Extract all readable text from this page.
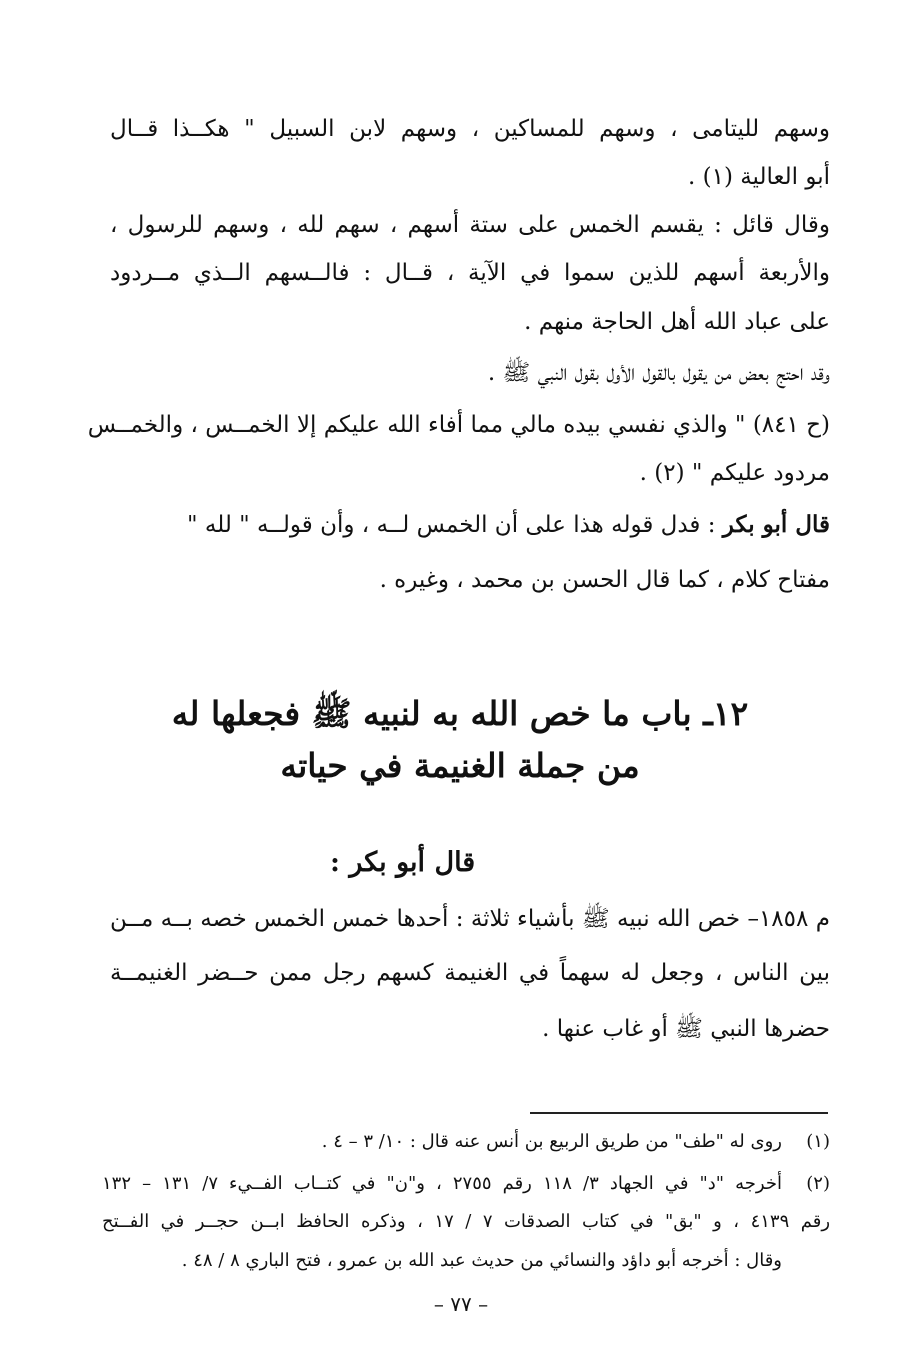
وسهم لليتامى ، وسهم للمساكين ، وسهم لابن السبيل " هكــذا قــال
أبو العالية (١) .
وقال قائل : يقسم الخمس على ستة أسهم ، سهم لله ، وسهم للرسول ،
والأربعة أسهم للذين سموا في الآية ، قــال : فالــسهم الــذي مــردود
على عباد الله أهل الحاجة منهم .
وقد احتج بعض من يقول بالقول الأول بقول النبي ﷺ .
(ح ٨٤١) " والذي نفسي بيده مالي مما أفاء الله عليكم إلا الخمــس ، والخمــس
مردود عليكم " (٢) .
قال أبو بكر : فدل قوله هذا على أن الخمس لــه ، وأن قولــه " لله "
مفتاح كلام ، كما قال الحسن بن محمد ، وغيره .
١٢ـ باب ما خص الله به لنبيه ﷺ فجعلها له
من جملة الغنيمة في حياته
قال أبو بكر :
م ١٨٥٨– خص الله نبيه ﷺ بأشياء ثلاثة : أحدها خمس الخمس خصه بــه مــن
بين الناس ، وجعل له سهماً في الغنيمة كسهم رجل ممن حــضر الغنيمــة
حضرها النبي ﷺ أو غاب عنها .
(١)
روى له "طف" من طريق الربيع بن أنس عنه قال : ١٠/ ٣ – ٤ .
(٢)
أخرجه "د" في الجهاد ٣/ ١١٨ رقم ٢٧٥٥ ، و"ن" في كتــاب الفــيء ٧/ ١٣١ – ١٣٢
رقم ٤١٣٩ ، و "بق" في كتاب الصدقات ٧ / ١٧ ، وذكره الحافظ ابــن حجــر في الفــتح
وقال : أخرجه أبو داؤد والنسائي من حديث عبد الله بن عمرو ، فتح الباري ٨ / ٤٨ .
– ٧٧ –
